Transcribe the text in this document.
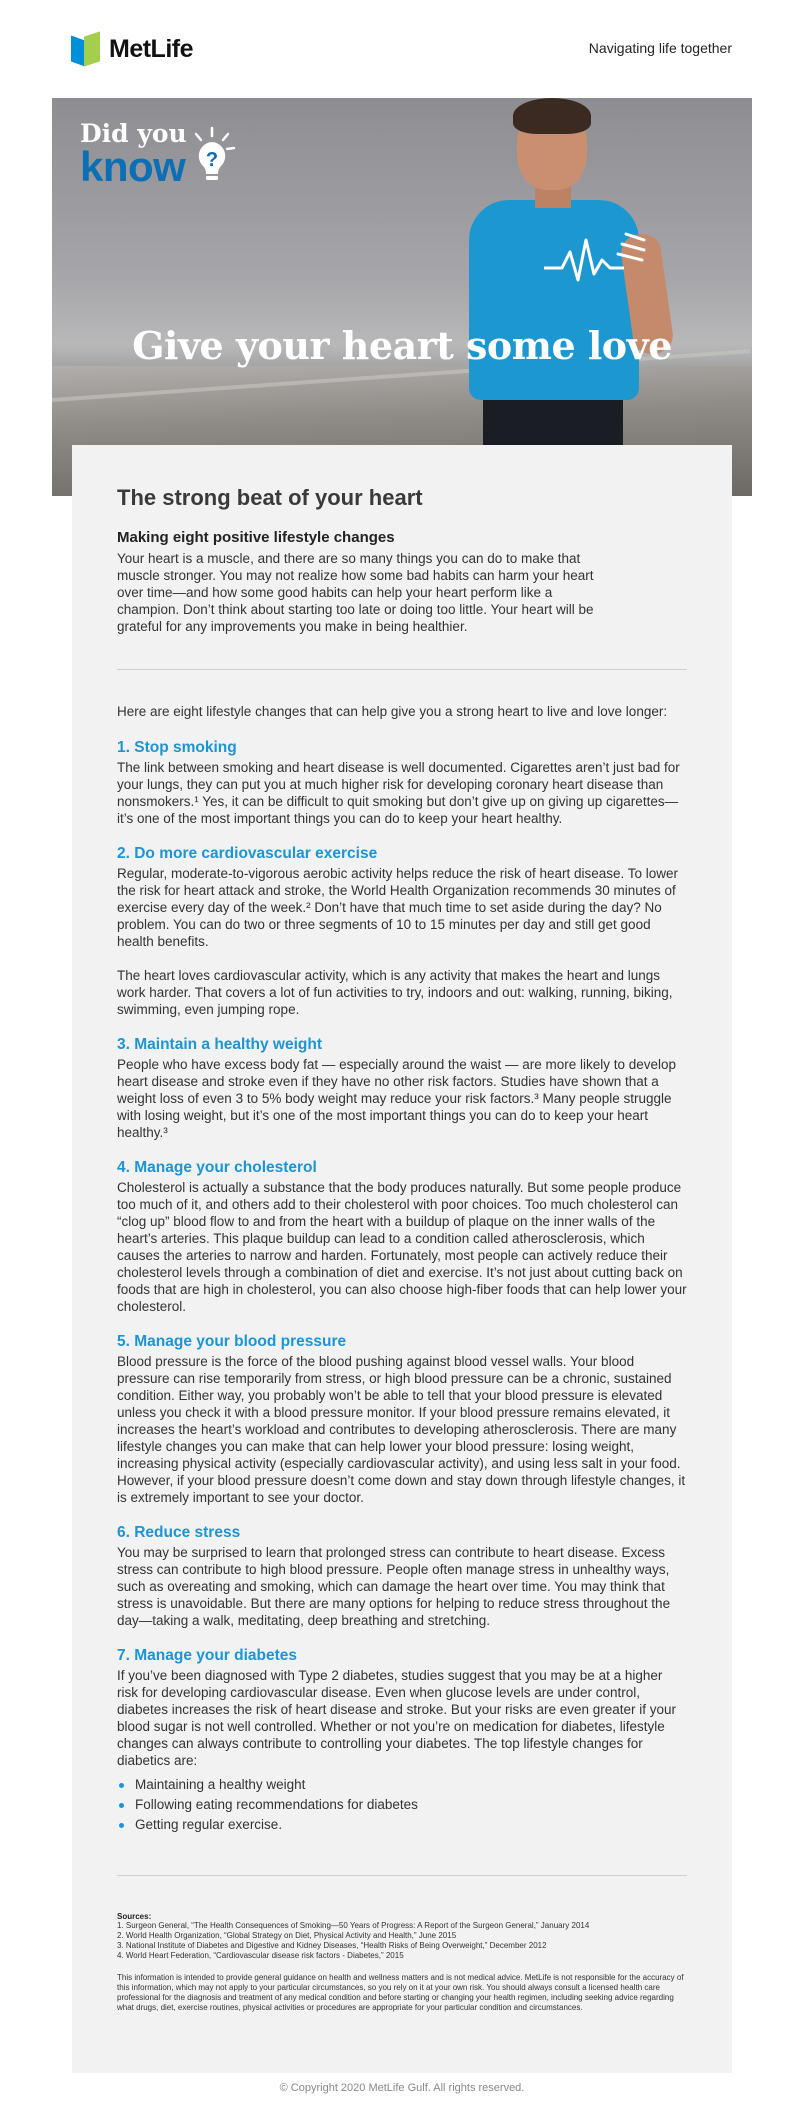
MetLife	Navigating life together
Did you
know ?
Give your heart some love
The strong beat of your heart

Making eight positive lifestyle changes

Your heart is a muscle, and there are so many things you can do to make that muscle stronger. You may not realize how some bad habits can harm your heart over time—and how some good habits can help your heart perform like a champion. Don’t think about starting too late or doing too little. Your heart will be grateful for any improvements you make in being healthier.

Here are eight lifestyle changes that can help give you a strong heart to live and love longer:

1. Stop smoking

The link between smoking and heart disease is well documented. Cigarettes aren’t just bad for your lungs, they can put you at much higher risk for developing coronary heart disease than nonsmokers.¹ Yes, it can be difficult to quit smoking but don’t give up on giving up cigarettes—it’s one of the most important things you can do to keep your heart healthy.

2. Do more cardiovascular exercise

Regular, moderate-to-vigorous aerobic activity helps reduce the risk of heart disease. To lower the risk for heart attack and stroke, the World Health Organization recommends 30 minutes of exercise every day of the week.² Don’t have that much time to set aside during the day? No problem. You can do two or three segments of 10 to 15 minutes per day and still get good health benefits.

The heart loves cardiovascular activity, which is any activity that makes the heart and lungs work harder. That covers a lot of fun activities to try, indoors and out: walking, running, biking, swimming, even jumping rope.

3. Maintain a healthy weight

People who have excess body fat — especially around the waist — are more likely to develop heart disease and stroke even if they have no other risk factors. Studies have shown that a weight loss of even 3 to 5% body weight may reduce your risk factors.³ Many people struggle with losing weight, but it’s one of the most important things you can do to keep your heart healthy.³

4. Manage your cholesterol

Cholesterol is actually a substance that the body produces naturally. But some people produce too much of it, and others add to their cholesterol with poor choices. Too much cholesterol can “clog up” blood flow to and from the heart with a buildup of plaque on the inner walls of the heart’s arteries. This plaque buildup can lead to a condition called atherosclerosis, which causes the arteries to narrow and harden. Fortunately, most people can actively reduce their cholesterol levels through a combination of diet and exercise. It’s not just about cutting back on foods that are high in cholesterol, you can also choose high-fiber foods that can help lower your cholesterol.

5. Manage your blood pressure

Blood pressure is the force of the blood pushing against blood vessel walls. Your blood pressure can rise temporarily from stress, or high blood pressure can be a chronic, sustained condition. Either way, you probably won’t be able to tell that your blood pressure is elevated unless you check it with a blood pressure monitor. If your blood pressure remains elevated, it increases the heart’s workload and contributes to developing atherosclerosis. There are many lifestyle changes you can make that can help lower your blood pressure: losing weight, increasing physical activity (especially cardiovascular activity), and using less salt in your food. However, if your blood pressure doesn’t come down and stay down through lifestyle changes, it is extremely important to see your doctor.

6. Reduce stress

You may be surprised to learn that prolonged stress can contribute to heart disease. Excess stress can contribute to high blood pressure. People often manage stress in unhealthy ways, such as overeating and smoking, which can damage the heart over time. You may think that stress is unavoidable. But there are many options for helping to reduce stress throughout the day—taking a walk, meditating, deep breathing and stretching.

7. Manage your diabetes

If you’ve been diagnosed with Type 2 diabetes, studies suggest that you may be at a higher risk for developing cardiovascular disease. Even when glucose levels are under control, diabetes increases the risk of heart disease and stroke. But your risks are even greater if your blood sugar is not well controlled. Whether or not you’re on medication for diabetes, lifestyle changes can always contribute to controlling your diabetes. The top lifestyle changes for diabetics are:

Maintaining a healthy weight
Following eating recommendations for diabetes
Getting regular exercise.

Sources:

1. Surgeon General, “The Health Consequences of Smoking—50 Years of Progress: A Report of the Surgeon General,” January 2014

2. World Health Organization, “Global Strategy on Diet, Physical Activity and Health,” June 2015

3. National Institute of Diabetes and Digestive and Kidney Diseases, “Health Risks of Being Overweight,” December 2012

4. World Heart Federation, “Cardiovascular disease risk factors - Diabetes,” 2015

This information is intended to provide general guidance on health and wellness matters and is not medical advice. MetLife is not responsible for the accuracy of this information, which may not apply to your particular circumstances, so you rely on it at your own risk. You should always consult a licensed health care professional for the diagnosis and treatment of any medical condition and before starting or changing your health regimen, including seeking advice regarding what drugs, diet, exercise routines, physical activities or procedures are appropriate for your particular condition and circumstances.

© Copyright 2020 MetLife Gulf. All rights reserved.
